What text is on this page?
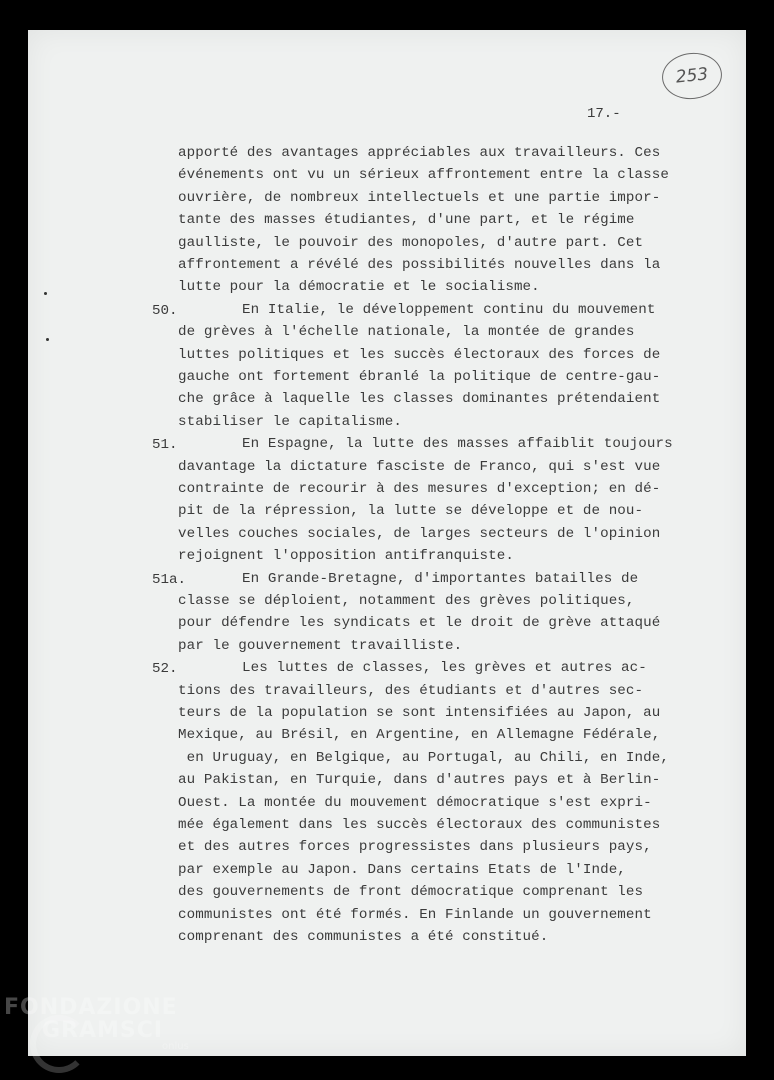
253
17.-
apporté des avantages appréciables aux travailleurs. Ces
événements ont vu un sérieux affrontement entre la classe
ouvrière, de nombreux intellectuels et une partie impor-
tante des masses étudiantes, d'une part, et le régime
gaulliste, le pouvoir des monopoles, d'autre part. Cet
affrontement a révélé des possibilités nouvelles dans la
lutte pour la démocratie et le socialisme.
50.	En Italie, le développement continu du mouvement
de grèves à l'échelle nationale, la montée de grandes
luttes politiques et les succès électoraux des forces de
gauche ont fortement ébranlé la politique de centre-gau-
che grâce à laquelle les classes dominantes prétendaient
stabiliser le capitalisme.
51.	En Espagne, la lutte des masses affaiblit toujours
davantage la dictature fasciste de Franco, qui s'est vue
contrainte de recourir à des mesures d'exception; en dé-
pit de la répression, la lutte se développe et de nou-
velles couches sociales, de larges secteurs de l'opinion
rejoignent l'opposition antifranquiste.
51a.	En Grande-Bretagne, d'importantes batailles de
classe se déploient, notamment des grèves politiques,
pour défendre les syndicats et le droit de grève attaqué
par le gouvernement travailliste.
52.	Les luttes de classes, les grèves et autres ac-
tions des travailleurs, des étudiants et d'autres sec-
teurs de la population se sont intensifiées au Japon, au
Mexique, au Brésil, en Argentine, en Allemagne Fédérale,
en Uruguay, en Belgique, au Portugal, au Chili, en Inde,
au Pakistan, en Turquie, dans d'autres pays et à Berlin-
Ouest. La montée du mouvement démocratique s'est expri-
mée également dans les succès électoraux des communistes
et des autres forces progressistes dans plusieurs pays,
par exemple au Japon. Dans certains Etats de l'Inde,
des gouvernements de front démocratique comprenant les
communistes ont été formés. En Finlande un gouvernement
comprenant des communistes a été constitué.
FONDAZIONE
GRAMSCI
onlus
